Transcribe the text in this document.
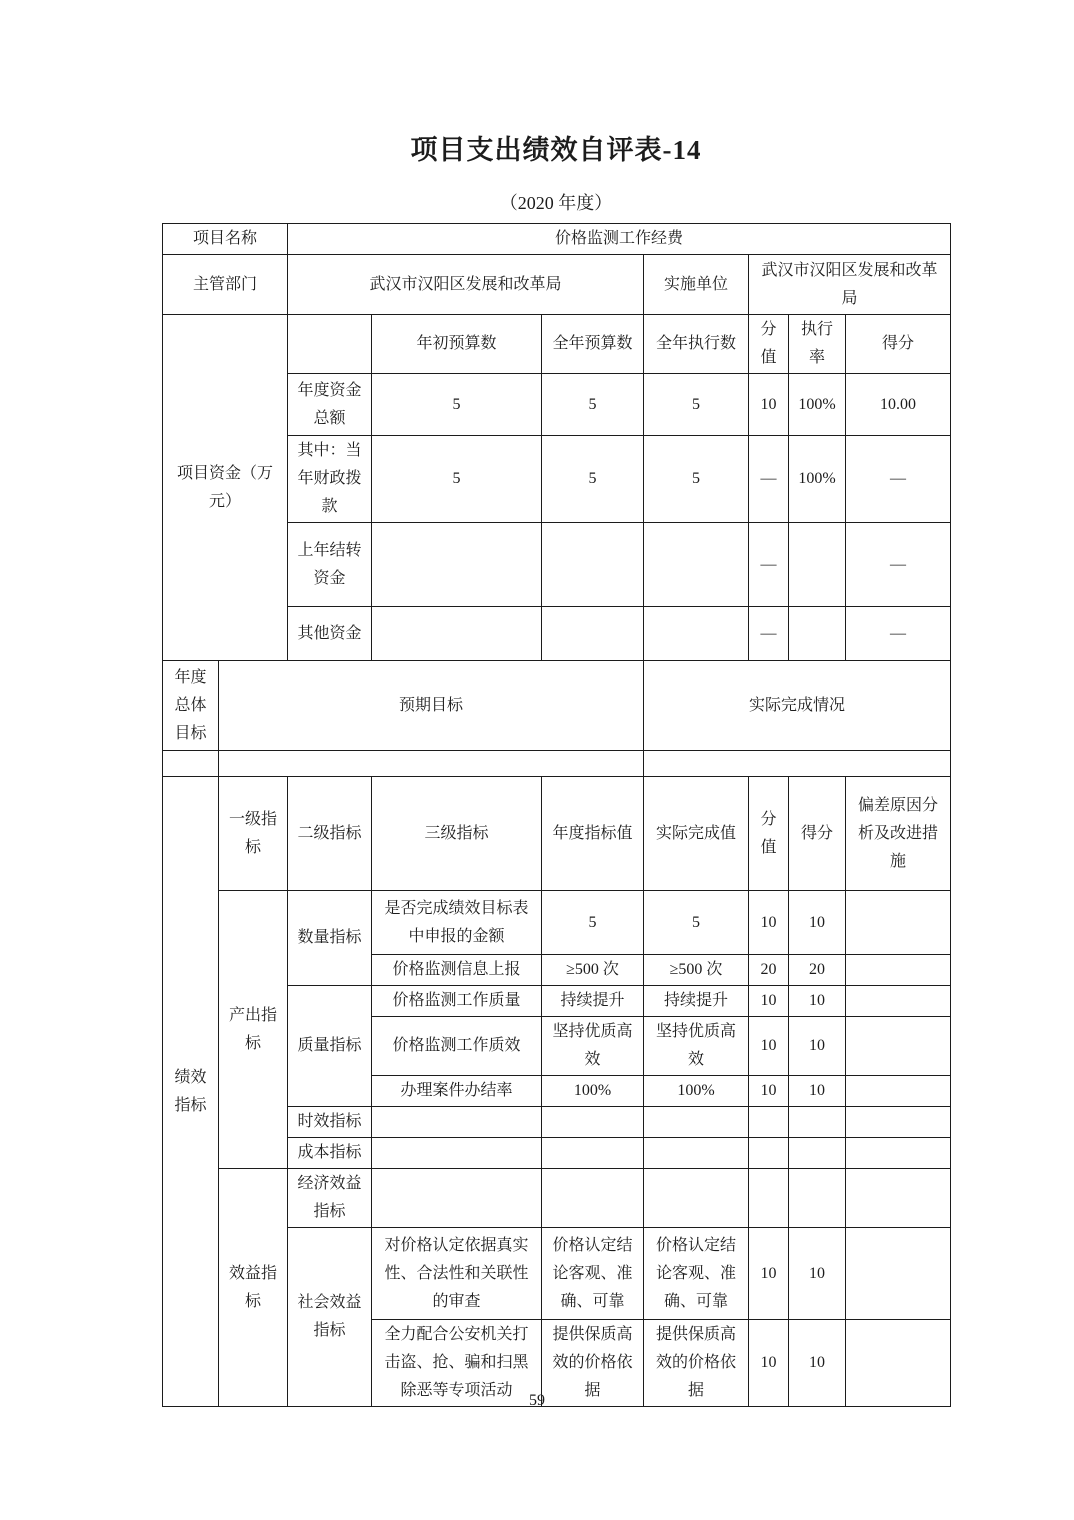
项目支出绩效自评表-14
（2020 年度）
项目名称		价格监测工作经费						
主管部门		武汉市汉阳区发展和改革局			实施单位	武汉市汉阳区发展和改革局		
项目资金（万元）			年初预算数	全年预算数	全年执行数	分值	执行率	得分
		年度资金总额	5	5	5	10	100%	10.00
		其中：当年财政拨款	5	5	5	—	100%	—
		上年结转资金				—		—
		其他资金				—		—
年度总体目标	预期目标				实际完成情况			

绩效指标	一级指标	二级指标	三级指标	年度指标值	实际完成值	分值	得分	偏差原因分析及改进措施
	产出指标	数量指标	是否完成绩效目标表中申报的金额	5	5	10	10	
			价格监测信息上报	≥500 次	≥500 次	20	20	
		质量指标	价格监测工作质量	持续提升	持续提升	10	10	
			价格监测工作质效	坚持优质高效	坚持优质高效	10	10	
			办理案件办结率	100%	100%	10	10	
		时效指标						
		成本指标						
	效益指标	经济效益指标						
		社会效益指标	对价格认定依据真实性、合法性和关联性的审查	价格认定结论客观、准确、可靠	价格认定结论客观、准确、可靠	10	10	
			全力配合公安机关打击盗、抢、骗和扫黑除恶等专项活动	提供保质高效的价格依据	提供保质高效的价格依据	10	10	
59
